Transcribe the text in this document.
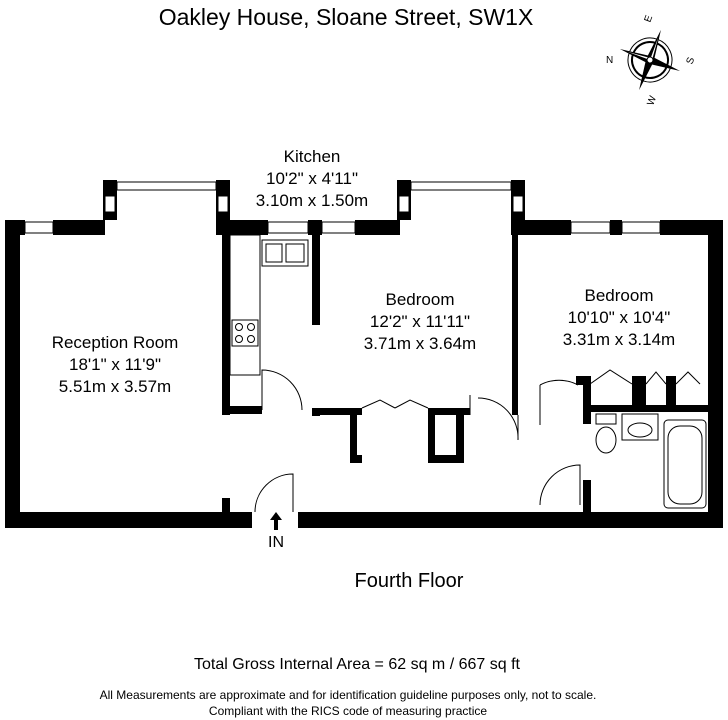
Oakley House, Sloane Street, SW1X
N
E
S
W
Kitchen
10'2" x 4'11"
3.10m x 1.50m
Reception Room
18'1" x 11'9"
5.51m x 3.57m
Bedroom
12'2" x 11'11"
3.71m x 3.64m
Bedroom
10'10" x 10'4"
3.31m x 3.14m
IN
Fourth Floor
Total Gross Internal Area = 62 sq m / 667 sq ft
All Measurements are approximate and for identification guideline purposes only, not to scale.
Compliant with the RICS code of measuring practice
